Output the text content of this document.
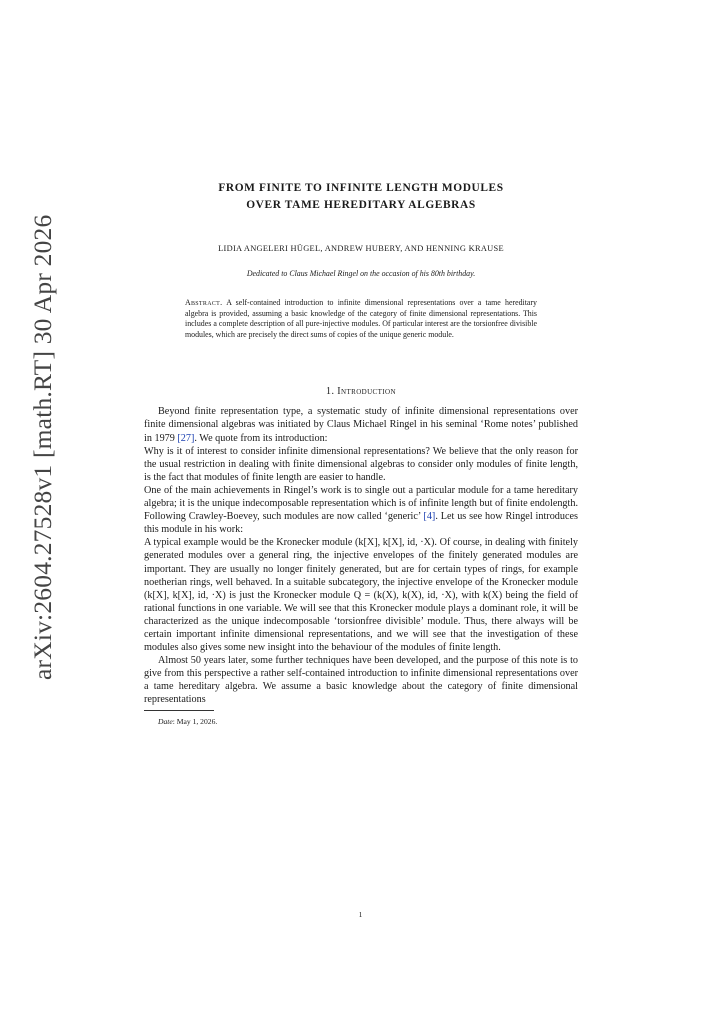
arXiv:2604.27528v1 [math.RT] 30 Apr 2026
FROM FINITE TO INFINITE LENGTH MODULES
OVER TAME HEREDITARY ALGEBRAS
LIDIA ANGELERI HÜGEL, ANDREW HUBERY, AND HENNING KRAUSE
Dedicated to Claus Michael Ringel on the occasion of his 80th birthday.
Abstract. A self-contained introduction to infinite dimensional representations over a tame hereditary algebra is provided, assuming a basic knowledge of the category of finite dimensional representations. This includes a complete description of all pure-injective modules. Of particular interest are the torsionfree divisible modules, which are precisely the direct sums of copies of the unique generic module.
1. Introduction

Beyond finite representation type, a systematic study of infinite dimensional representations over finite dimensional algebras was initiated by Claus Michael Ringel in his seminal ‘Rome notes’ published in 1979 [27]. We quote from its introduction:

Why is it of interest to consider infinite dimensional representations? We believe that the only reason for the usual restriction in dealing with finite dimensional algebras to consider only modules of finite length, is the fact that modules of finite length are easier to handle.

One of the main achievements in Ringel’s work is to single out a particular module for a tame hereditary algebra; it is the unique indecomposable representation which is of infinite length but of finite endolength. Following Crawley-Boevey, such modules are now called ‘generic’ [4]. Let us see how Ringel introduces this module in his work:

A typical example would be the Kronecker module (k[X], k[X], id, ·X). Of course, in dealing with finitely generated modules over a general ring, the injective envelopes of the finitely generated modules are important. They are usually no longer finitely generated, but are for certain types of rings, for example noetherian rings, well behaved. In a suitable subcategory, the injective envelope of the Kronecker module (k[X], k[X], id, ·X) is just the Kronecker module Q = (k(X), k(X), id, ·X), with k(X) being the field of rational functions in one variable. We will see that this Kronecker module plays a dominant role, it will be characterized as the unique indecomposable ‘torsionfree divisible’ module. Thus, there always will be certain important infinite dimensional representations, and we will see that the investigation of these modules also gives some new insight into the behaviour of the modules of finite length.

Almost 50 years later, some further techniques have been developed, and the purpose of this note is to give from this perspective a rather self-contained introduction to infinite dimensional representations over a tame hereditary algebra. We assume a basic knowledge about the category of finite dimensional representations

Date: May 1, 2026.
1
